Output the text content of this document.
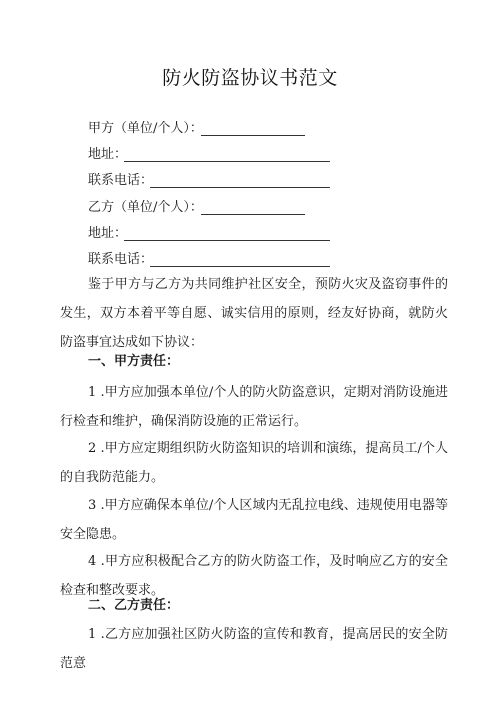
防火防盗协议书范文
甲方（单位/个人）：
地址：
联系电话：
乙方（单位/个人）：
地址：
联系电话：

鉴于甲方与乙方为共同维护社区安全，预防火灾及盗窃事件的发生，双方本着平等自愿、诚实信用的原则，经友好协商，就防火防盗事宜达成如下协议：

一、甲方责任：

1 .甲方应加强本单位/个人的防火防盗意识，定期对消防设施进行检查和维护，确保消防设施的正常运行。

2 .甲方应定期组织防火防盗知识的培训和演练，提高员工/个人的自我防范能力。

3 .甲方应确保本单位/个人区域内无乱拉电线、违规使用电器等安全隐患。

4 .甲方应积极配合乙方的防火防盗工作，及时响应乙方的安全检查和整改要求。

二、乙方责任：

1 .乙方应加强社区防火防盗的宣传和教育，提高居民的安全防范意
